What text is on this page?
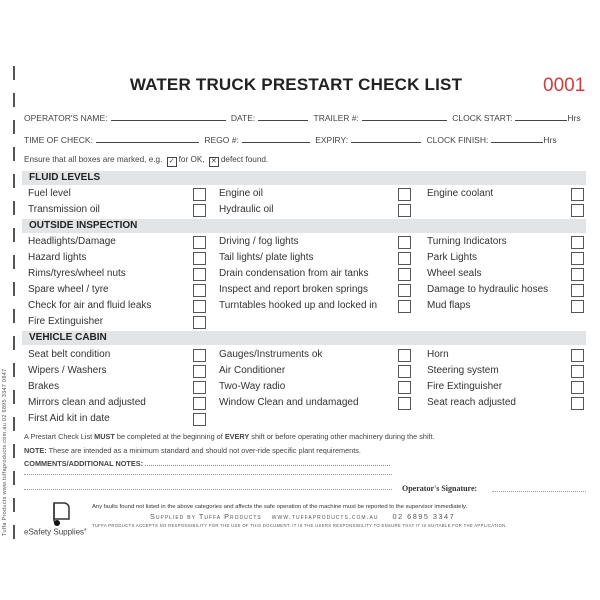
Tuffa Products www.tuffaproducts.com.au 02 6895 3347 0847
WATER TRUCK PRESTART CHECK LIST	0001
OPERATOR'S NAME:	DATE:	TRAILER #:	CLOCK START:	Hrs
TIME OF CHECK:	REGO #:	EXPIRY:	CLOCK FINISH:	Hrs
Ensure that all boxes are marked, e.g. ✓ for OK, ✕ defect found.
FLUID LEVELS
Fuel level	Engine oil	Engine coolant
Transmission oil	Hydraulic oil
OUTSIDE INSPECTION
Headlights/Damage	Driving / fog lights	Turning Indicators
Hazard lights	Tail lights/ plate lights	Park Lights
Rims/tyres/wheel nuts	Drain condensation from air tanks	Wheel seals
Spare wheel / tyre	Inspect and report broken springs	Damage to hydraulic hoses
Check for air and fluid leaks	Turntables hooked up and locked in	Mud flaps
Fire Extinguisher
VEHICLE CABIN
Seat belt condition	Gauges/Instruments ok	Horn
Wipers / Washers	Air Conditioner	Steering system
Brakes	Two-Way radio	Fire Extinguisher
Mirrors clean and adjusted	Window Clean and undamaged	Seat reach adjusted
First Aid kit in date
A Prestart Check List MUST be completed at the beginning of EVERY shift or before operating other machinery during the shift.
NOTE: These are intended as a minimum standard and should not over-ride specific plant requirements.
COMMENTS/ADDITIONAL NOTES:
Operator's Signature:
eSafety Supplies®
Any faults found not listed in the above categories and affects the safe operation of the machine must be reported to the supervisor immediately.
Supplied by Tuffa Products www.tuffaproducts.com.au 02 6895 3347
TUFFA PRODUCTS ACCEPTS NO RESPONSIBILITY FOR THE USE OF THIS DOCUMENT. IT IS THE USERS RESPONSIBILITY TO ENSURE THAT IT IS SUITABLE FOR THE APPLICATION.
